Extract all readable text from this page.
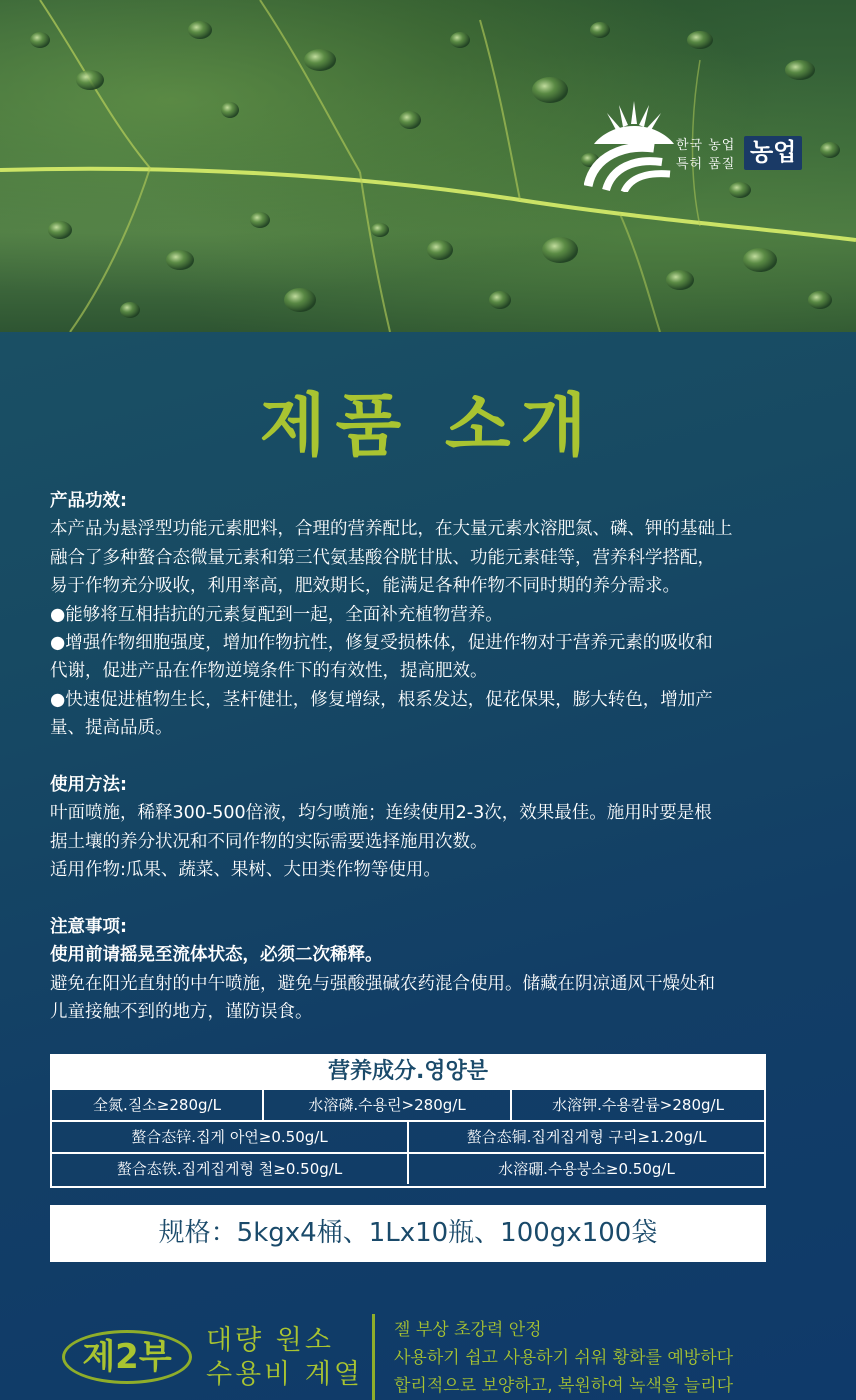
한국 농업
특허 품질 농업
제품 소개

产品功效:

本产品为悬浮型功能元素肥料，合理的营养配比，在大量元素水溶肥氮、磷、钾的基础上

融合了多种螯合态微量元素和第三代氨基酸谷胱甘肽、功能元素硅等，营养科学搭配，

易于作物充分吸收，利用率高，肥效期长，能满足各种作物不同时期的养分需求。

●能够将互相拮抗的元素复配到一起，全面补充植物营养。

●增强作物细胞强度，增加作物抗性，修复受损株体，促进作物对于营养元素的吸收和

代谢，促进产品在作物逆境条件下的有效性，提高肥效。

●快速促进植物生长，茎杆健壮，修复增绿，根系发达，促花保果，膨大转色，增加产

量、提高品质。

使用方法:

叶面喷施，稀释300-500倍液，均匀喷施；连续使用2-3次，效果最佳。施用时要是根

据土壤的养分状况和不同作物的实际需要选择施用次数。

适用作物:瓜果、蔬菜、果树、大田类作物等使用。

注意事项:

使用前请摇晃至流体状态，必须二次稀释。

避免在阳光直射的中午喷施，避免与强酸强碱农药混合使用。储藏在阴凉通风干燥处和

儿童接触不到的地方，谨防误食。

营养成分.영양분
全氮.질소≥280g/L	水溶磷.수용린>280g/L	水溶钾.수용칼륨>280g/L
螯合态锌.집게 아연≥0.50g/L	螯合态铜.집게집게형 구리≥1.20g/L
螯合态铁.집게집게형 철≥0.50g/L	水溶硼.수용붕소≥0.50g/L
规格：5kgx4桶、1Lx10瓶、100gx100袋
제2부	대량 원소
수용비 계열

젤 부상 초강력 안정

사용하기 쉽고 사용하기 쉬워 황화를 예방하다

합리적으로 보양하고, 복원하여 녹색을 늘리다
